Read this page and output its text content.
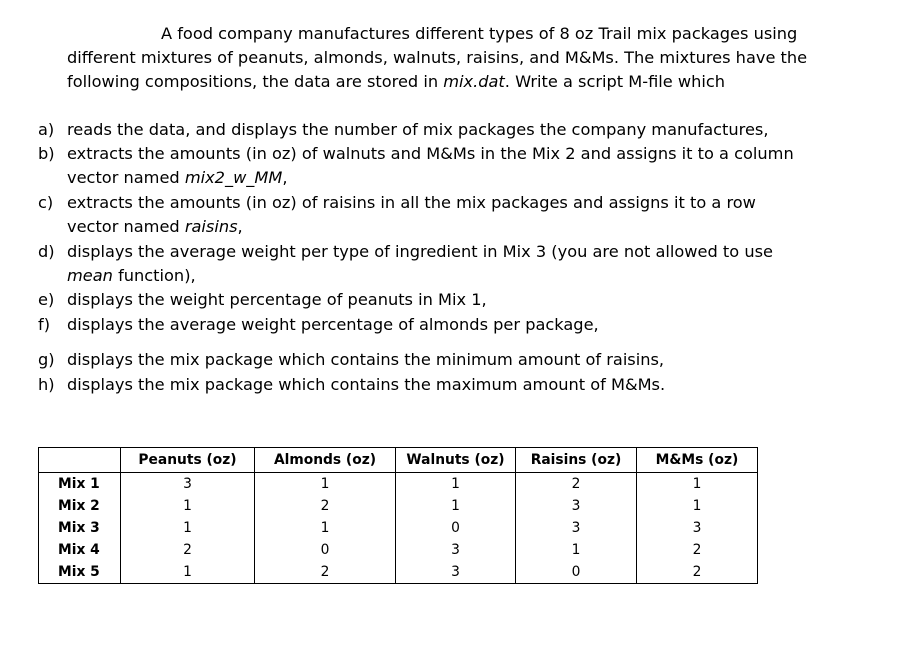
A food company manufactures different types of 8 oz Trail mix packages using different mixtures of peanuts, almonds, walnuts, raisins, and M&Ms. The mixtures have the following compositions, the data are stored in mix.dat. Write a script M-file which
a) reads the data, and displays the number of mix packages the company manufactures,
b) extracts the amounts (in oz) of walnuts and M&Ms in the Mix 2 and assigns it to a column vector named mix2_w_MM,
c) extracts the amounts (in oz) of raisins in all the mix packages and assigns it to a row vector named raisins,
d) displays the average weight per type of ingredient in Mix 3 (you are not allowed to use mean function),
e) displays the weight percentage of peanuts in Mix 1,
f) displays the average weight percentage of almonds per package,
g) displays the mix package which contains the minimum amount of raisins,
h) displays the mix package which contains the maximum amount of M&Ms.
	Peanuts (oz)	Almonds (oz)	Walnuts (oz)	Raisins (oz)	M&Ms (oz)
Mix 1	3	1	1	2	1
Mix 2	1	2	1	3	1
Mix 3	1	1	0	3	3
Mix 4	2	0	3	1	2
Mix 5	1	2	3	0	2
